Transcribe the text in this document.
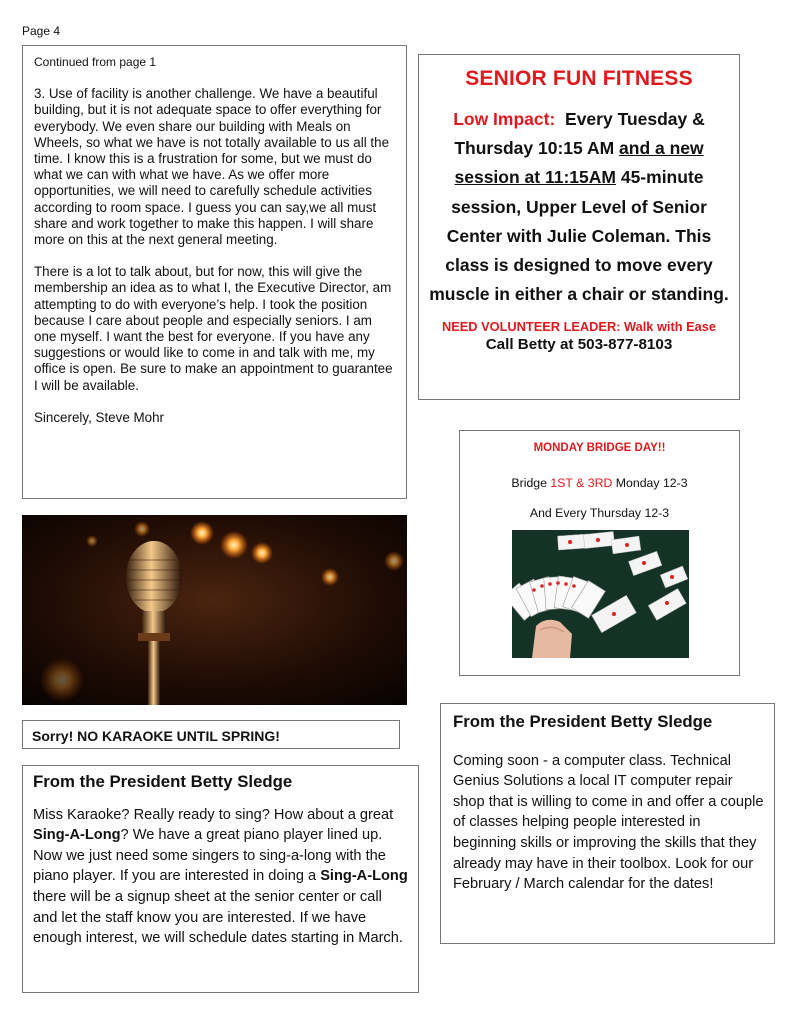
Page 4
Continued from page 1

3. Use of facility is another challenge. We have a beautiful building, but it is not adequate space to offer everything for everybody. We even share our building with Meals on Wheels, so what we have is not totally available to us all the time. I know this is a frustration for some, but we must do what we can with what we have. As we offer more opportunities, we will need to carefully schedule activities according to room space. I guess you can say,we all must share and work together to make this happen. I will share more on this at the next general meeting.

There is a lot to talk about, but for now, this will give the membership an idea as to what I, the Executive Director, am attempting to do with everyone’s help. I took the position because I care about people and especially seniors. I am one myself. I want the best for everyone. If you have any suggestions or would like to come in and talk with me, my office is open. Be sure to make an appointment to guarantee I will be available.

Sincerely, Steve Mohr

SENIOR FUN FITNESS
Low Impact: Every Tuesday & Thursday 10:15 AM and a new session at 11:15AM 45-minute session, Upper Level of Senior Center with Julie Coleman. This class is designed to move every muscle in either a chair or standing.
NEED VOLUNTEER LEADER: Walk with Ease
Call Betty at 503-877-8103
MONDAY BRIDGE DAY!!
Bridge 1ST & 3RD Monday 12-3
And Every Thursday 12-3
Sorry! NO KARAOKE UNTIL SPRING!
From the President Betty Sledge
Miss Karaoke? Really ready to sing? How about a great Sing-A-Long? We have a great piano player lined up. Now we just need some singers to sing-a-long with the piano player. If you are interested in doing a Sing-A-Long there will be a signup sheet at the senior center or call and let the staff know you are interested. If we have enough interest, we will schedule dates starting in March.
From the President Betty Sledge
Coming soon - a computer class. Technical Genius Solutions a local IT computer repair shop that is willing to come in and offer a couple of classes helping people interested in beginning skills or improving the skills that they already may have in their toolbox. Look for our February / March calendar for the dates!
